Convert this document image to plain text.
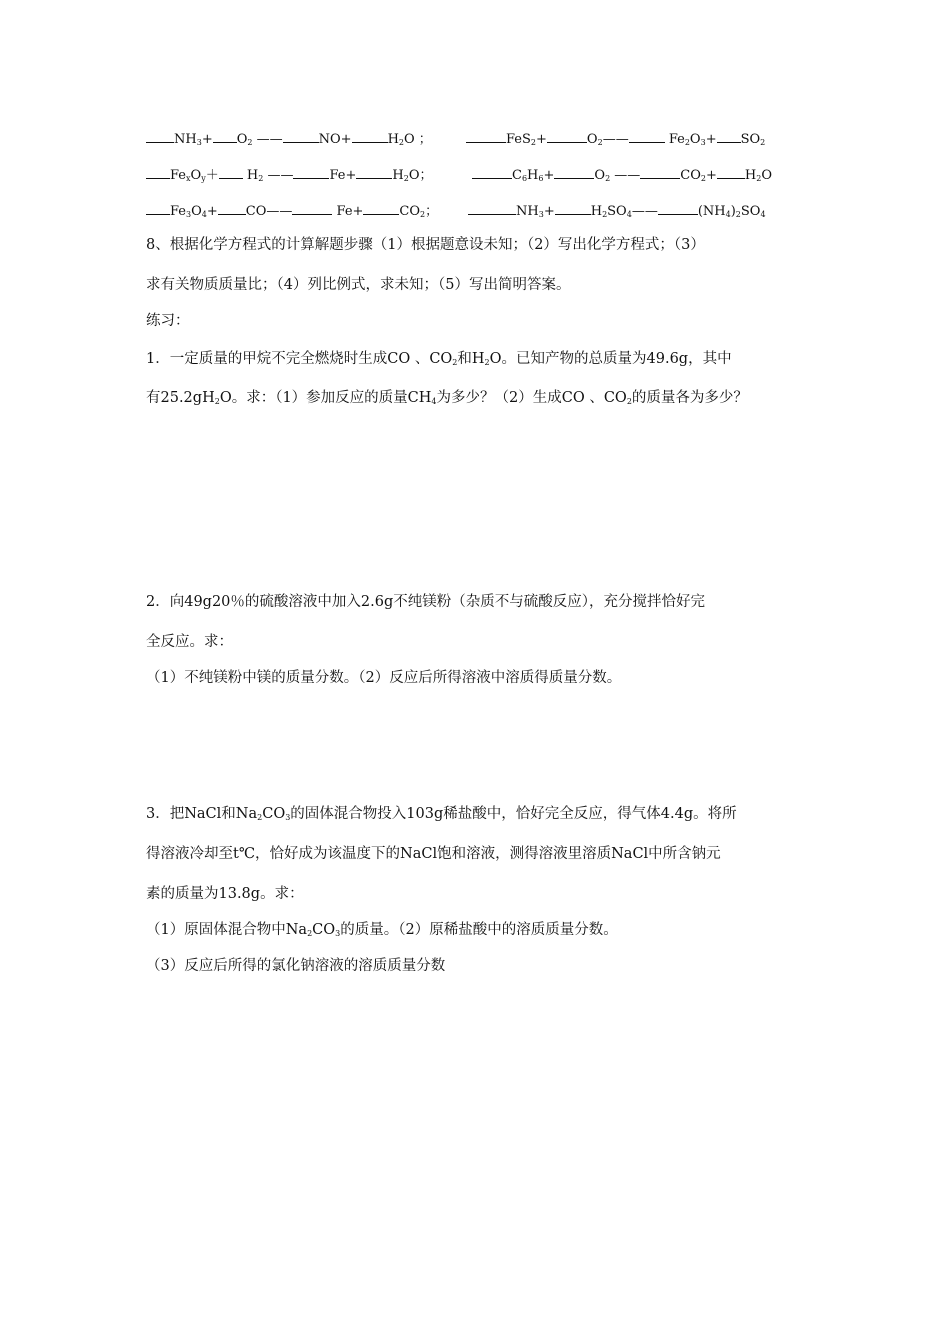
$NH_3+ O_2$ ——	NO+	$H_2O$ ；	FeS$_2$+	$O_2——$	$Fe_2O_3+ SO_2$
$Fe_xO_y+ H_2$ ——	Fe+	$H_2O$；	$C_6H_6+$	$O_2$ ——	$CO_2+ H_2O$
$Fe_3O_4+$ CO——	Fe+	$CO_2$；	$NH_3+$	$H_2SO_4——$	$(NH_4)_2SO_4$
8、根据化学方程式的计算解题步骤（1）根据题意设未知；（2）写出化学方程式；（3）
求有关物质质量比；（4）列比例式，求未知；（5）写出简明答案。
练习：
1．一定质量的甲烷不完全燃烧时生成CO 、$CO_2$和$H_2O$。已知产物的总质量为49.6g，其中
有$25.2gH_2O$。求：（1）参加反应的质量$CH_4$为多少？（2）生成CO 、$CO_2$的质量各为多少？
2．向49g20％的硫酸溶液中加入2.6g不纯镁粉（杂质不与硫酸反应），充分搅拌恰好完
全反应。求：
（1）不纯镁粉中镁的质量分数。（2）反应后所得溶液中溶质得质量分数。
3．把NaCl和$Na_2CO_3$的固体混合物投入103g稀盐酸中，恰好完全反应，得气体4.4g。将所
得溶液冷却至t℃，恰好成为该温度下的NaCl饱和溶液，测得溶液里溶质NaCl中所含钠元
素的质量为13.8g。求：
（1）原固体混合物中$Na_2CO_3$的质量。（2）原稀盐酸中的溶质质量分数。
（3）反应后所得的氯化钠溶液的溶质质量分数
